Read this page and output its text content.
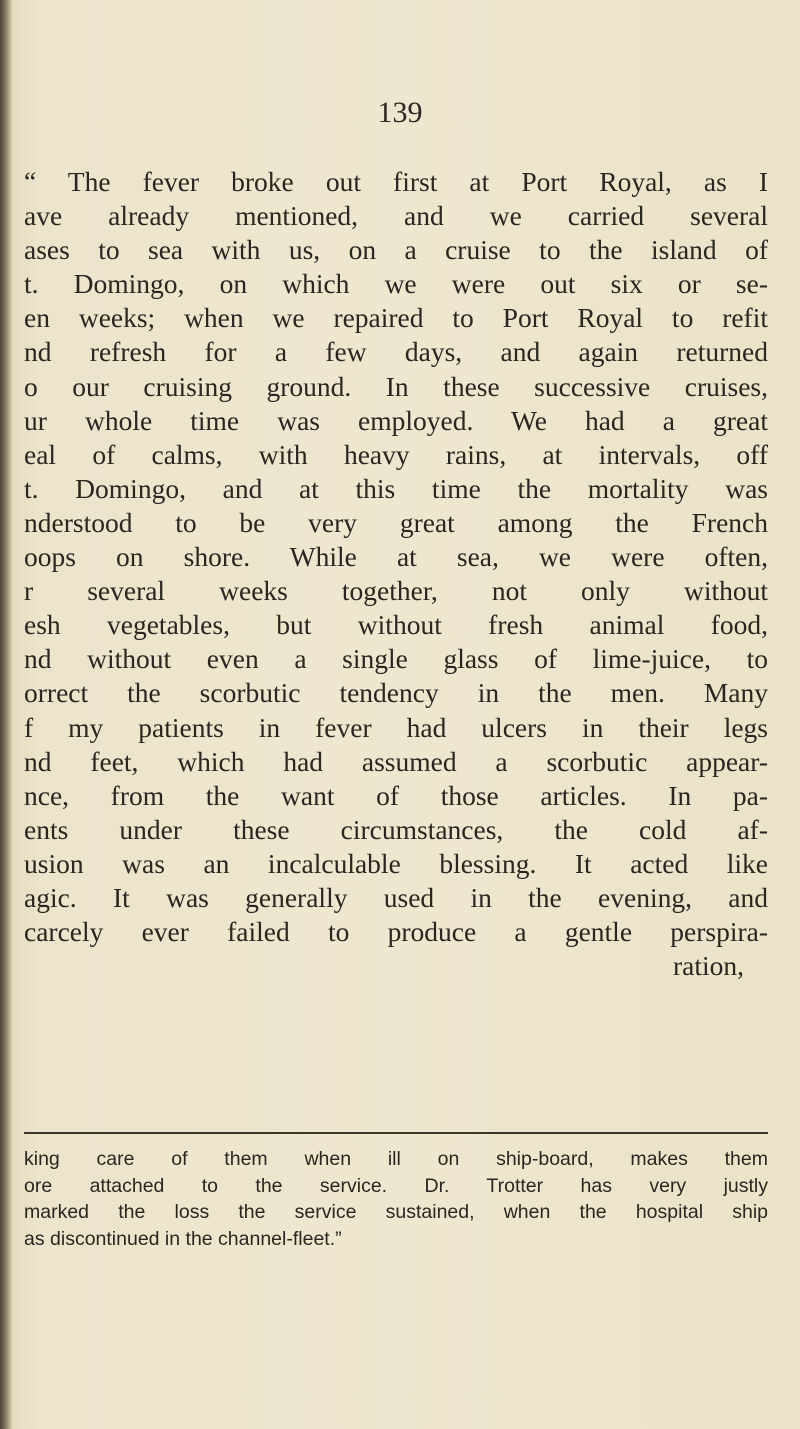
139
“ The fever broke out first at Port Royal, as I
ave already mentioned, and we carried several
ases to sea with us, on a cruise to the island of
t. Domingo, on which we were out six or se-
en weeks; when we repaired to Port Royal to refit
nd refresh for a few days, and again returned
o our cruising ground. In these successive cruises,
ur whole time was employed. We had a great
eal of calms, with heavy rains, at intervals, off
t. Domingo, and at this time the mortality was
nderstood to be very great among the French
oops on shore. While at sea, we were often,
r several weeks together, not only without
esh vegetables, but without fresh animal food,
nd without even a single glass of lime-juice, to
orrect the scorbutic tendency in the men. Many
f my patients in fever had ulcers in their legs
nd feet, which had assumed a scorbutic appear-
nce, from the want of those articles. In pa-
ents under these circumstances, the cold af-
usion was an incalculable blessing. It acted like
agic. It was generally used in the evening, and
carcely ever failed to produce a gentle perspira-
ration,
king care of them when ill on ship-board, makes them
ore attached to the service. Dr. Trotter has very justly
marked the loss the service sustained, when the hospital ship
as discontinued in the channel-fleet.”
